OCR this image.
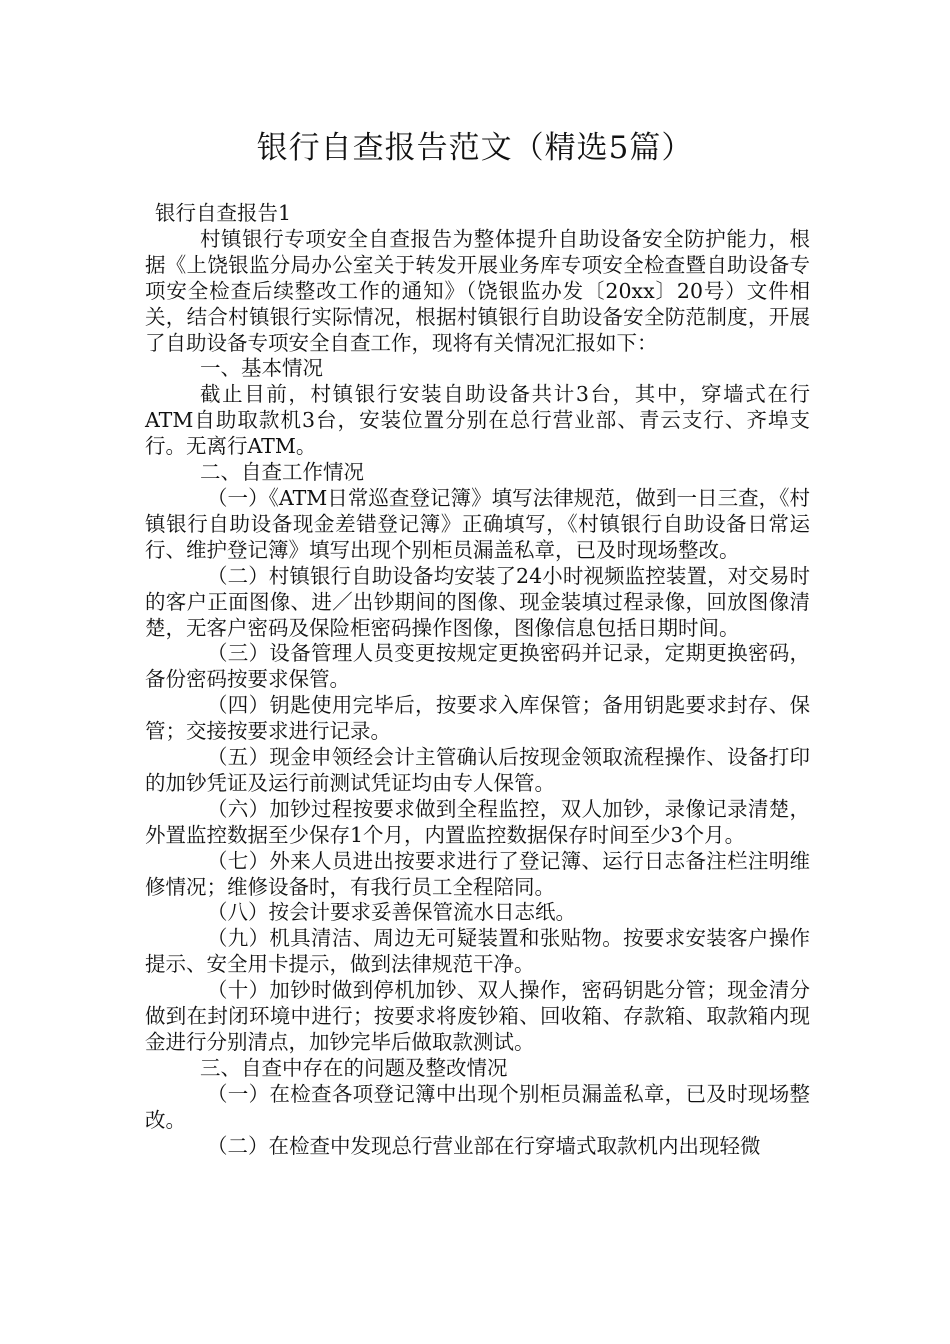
银行自查报告范文（精选5篇）

银行自查报告1

村镇银行专项安全自查报告为整体提升自助设备安全防护能力，根据《上饶银监分局办公室关于转发开展业务库专项安全检查暨自助设备专项安全检查后续整改工作的通知》（饶银监办发〔20xx〕20号）文件相关，结合村镇银行实际情况，根据村镇银行自助设备安全防范制度，开展了自助设备专项安全自查工作，现将有关情况汇报如下：

一、基本情况

截止目前，村镇银行安装自助设备共计3台，其中，穿墙式在行ATM自助取款机3台，安装位置分别在总行营业部、青云支行、齐埠支行。无离行ATM。

二、自查工作情况

（一）《ATM日常巡查登记簿》填写法律规范，做到一日三查，《村镇银行自助设备现金差错登记簿》正确填写，《村镇银行自助设备日常运行、维护登记簿》填写出现个别柜员漏盖私章，已及时现场整改。

（二）村镇银行自助设备均安装了24小时视频监控装置，对交易时的客户正面图像、进／出钞期间的图像、现金装填过程录像，回放图像清楚，无客户密码及保险柜密码操作图像，图像信息包括日期时间。

（三）设备管理人员变更按规定更换密码并记录，定期更换密码，备份密码按要求保管。

（四）钥匙使用完毕后，按要求入库保管；备用钥匙要求封存、保管；交接按要求进行记录。

（五）现金申领经会计主管确认后按现金领取流程操作、设备打印的加钞凭证及运行前测试凭证均由专人保管。

（六）加钞过程按要求做到全程监控，双人加钞，录像记录清楚，外置监控数据至少保存1个月，内置监控数据保存时间至少3个月。

（七）外来人员进出按要求进行了登记簿、运行日志备注栏注明维修情况；维修设备时，有我行员工全程陪同。

（八）按会计要求妥善保管流水日志纸。

（九）机具清洁、周边无可疑装置和张贴物。按要求安装客户操作提示、安全用卡提示，做到法律规范干净。

（十）加钞时做到停机加钞、双人操作，密码钥匙分管；现金清分做到在封闭环境中进行；按要求将废钞箱、回收箱、存款箱、取款箱内现金进行分别清点，加钞完毕后做取款测试。

三、自查中存在的问题及整改情况

（一）在检查各项登记簿中出现个别柜员漏盖私章，已及时现场整改。

（二）在检查中发现总行营业部在行穿墙式取款机内出现轻微
